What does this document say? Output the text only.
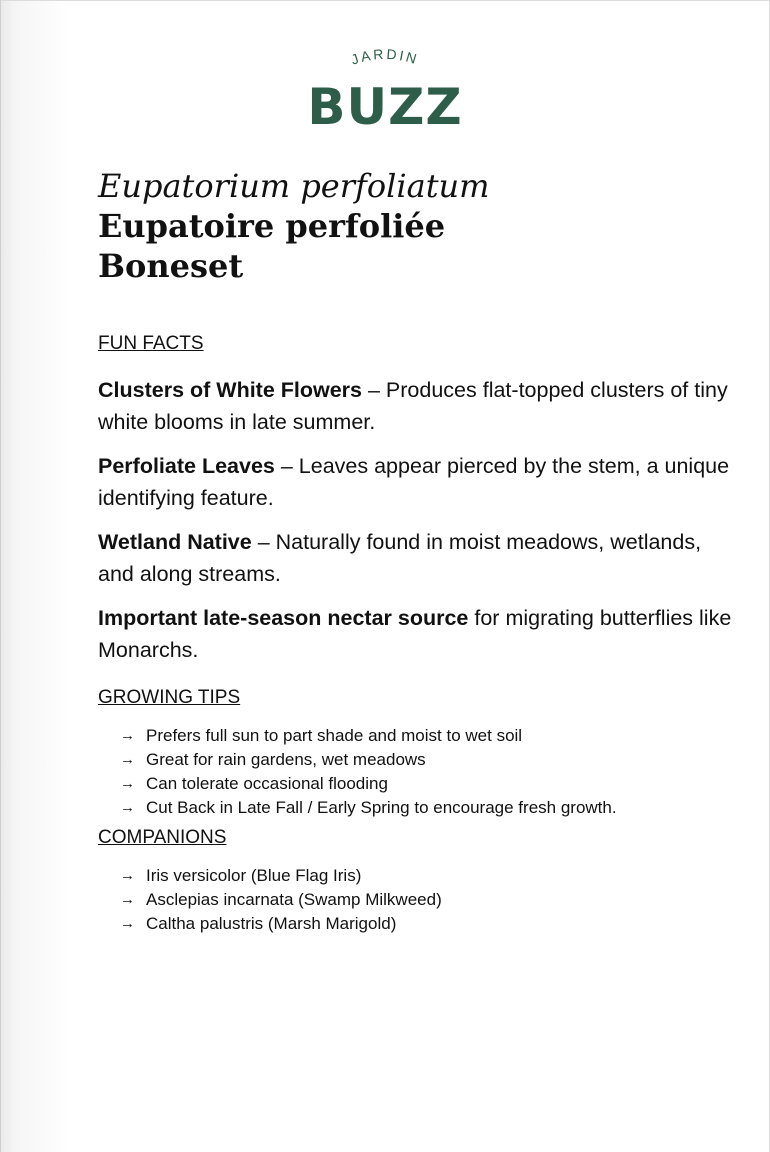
JARDIN
BUZZ
Eupatorium perfoliatum
Eupatoire perfoliée
Boneset
FUN FACTS

Clusters of White Flowers – Produces flat-topped clusters of tiny white blooms in late summer.

Perfoliate Leaves – Leaves appear pierced by the stem, a unique identifying feature.

Wetland Native – Naturally found in moist meadows, wetlands, and along streams.

Important late-season nectar source for migrating butterflies like Monarchs.

GROWING TIPS
→ Prefers full sun to part shade and moist to wet soil
→ Great for rain gardens, wet meadows
→ Can tolerate occasional flooding
→ Cut Back in Late Fall / Early Spring to encourage fresh growth.
COMPANIONS
→ Iris versicolor (Blue Flag Iris)
→ Asclepias incarnata (Swamp Milkweed)
→ Caltha palustris (Marsh Marigold)
